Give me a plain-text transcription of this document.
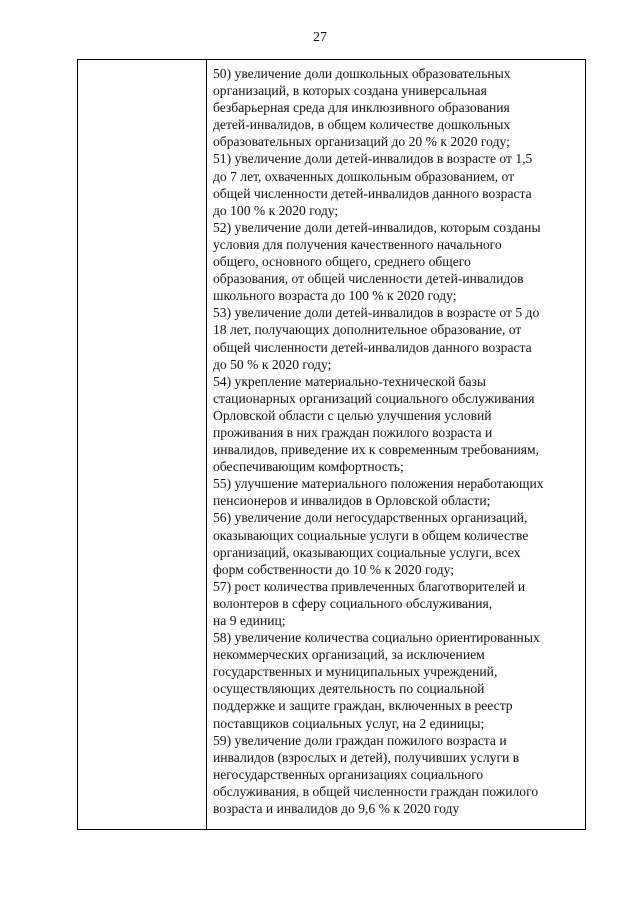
27
50) увеличение доли дошкольных образовательных
организаций, в которых создана универсальная
безбарьерная среда для инклюзивного образования
детей-инвалидов, в общем количестве дошкольных
образовательных организаций до 20 % к 2020 году;
51) увеличение доли детей-инвалидов в возрасте от 1,5
до 7 лет, охваченных дошкольным образованием, от
общей численности детей-инвалидов данного возраста
до 100 % к 2020 году;
52) увеличение доли детей-инвалидов, которым созданы
условия для получения качественного начального
общего, основного общего, среднего общего
образования, от общей численности детей-инвалидов
школьного возраста до 100 % к 2020 году;
53) увеличение доли детей-инвалидов в возрасте от 5 до
18 лет, получающих дополнительное образование, от
общей численности детей-инвалидов данного возраста
до 50 % к 2020 году;
54) укрепление материально-технической базы
стационарных организаций социального обслуживания
Орловской области с целью улучшения условий
проживания в них граждан пожилого возраста и
инвалидов, приведение их к современным требованиям,
обеспечивающим комфортность;
55) улучшение материального положения неработающих
пенсионеров и инвалидов в Орловской области;
56) увеличение доли негосударственных организаций,
оказывающих социальные услуги в общем количестве
организаций, оказывающих социальные услуги, всех
форм собственности до 10 % к 2020 году;
57) рост количества привлеченных благотворителей и
волонтеров в сферу социального обслуживания,
на 9 единиц;
58) увеличение количества социально ориентированных
некоммерческих организаций, за исключением
государственных и муниципальных учреждений,
осуществляющих деятельность по социальной
поддержке и защите граждан, включенных в реестр
поставщиков социальных услуг, на 2 единицы;
59) увеличение доли граждан пожилого возраста и
инвалидов (взрослых и детей), получивших услуги в
негосударственных организациях социального
обслуживания, в общей численности граждан пожилого
возраста и инвалидов до 9,6 % к 2020 году
